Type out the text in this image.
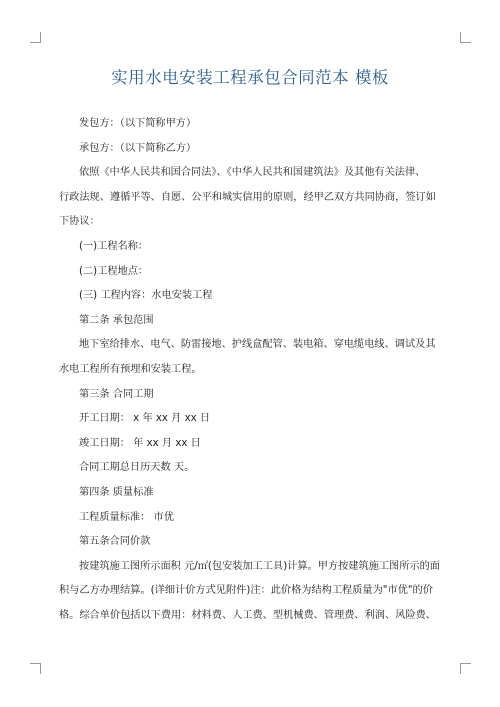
实用水电安装工程承包合同范本 模板

发包方：（以下简称甲方）

承包方：（以下简称乙方）

依照《中华人民共和国合同法》、《中华人民共和国建筑法》及其他有关法律、

行政法规、遵循平等、自愿、公平和城实信用的原则，经甲乙双方共同协商，签订如

下协议：

(一)工程名称：

(二)工程地点：

(三) 工程内容：水电安装工程

第二条 承包范围

地下室给排水、电气、防雷接地、护线盒配管、装电箱、穿电缆电线、调试及其

水电工程所有预埋和安装工程。

第三条 合同工期

开工日期： x 年 xx 月 xx 日

竣工日期： 年 xx 月 xx 日

合同工期总日历天数 天。

第四条 质量标准

工程质量标准： 市优

第五条合同价款

按建筑施工图所示面积 元/㎡(包安装加工工具)计算。甲方按建筑施工图所示的面

积与乙方办理结算。(详细计价方式见附件)注：此价格为结构工程质量为"市优"的价

格。综合单价包括以下费用：材料费、人工费、型机械费、管理费、利润、风险费、
